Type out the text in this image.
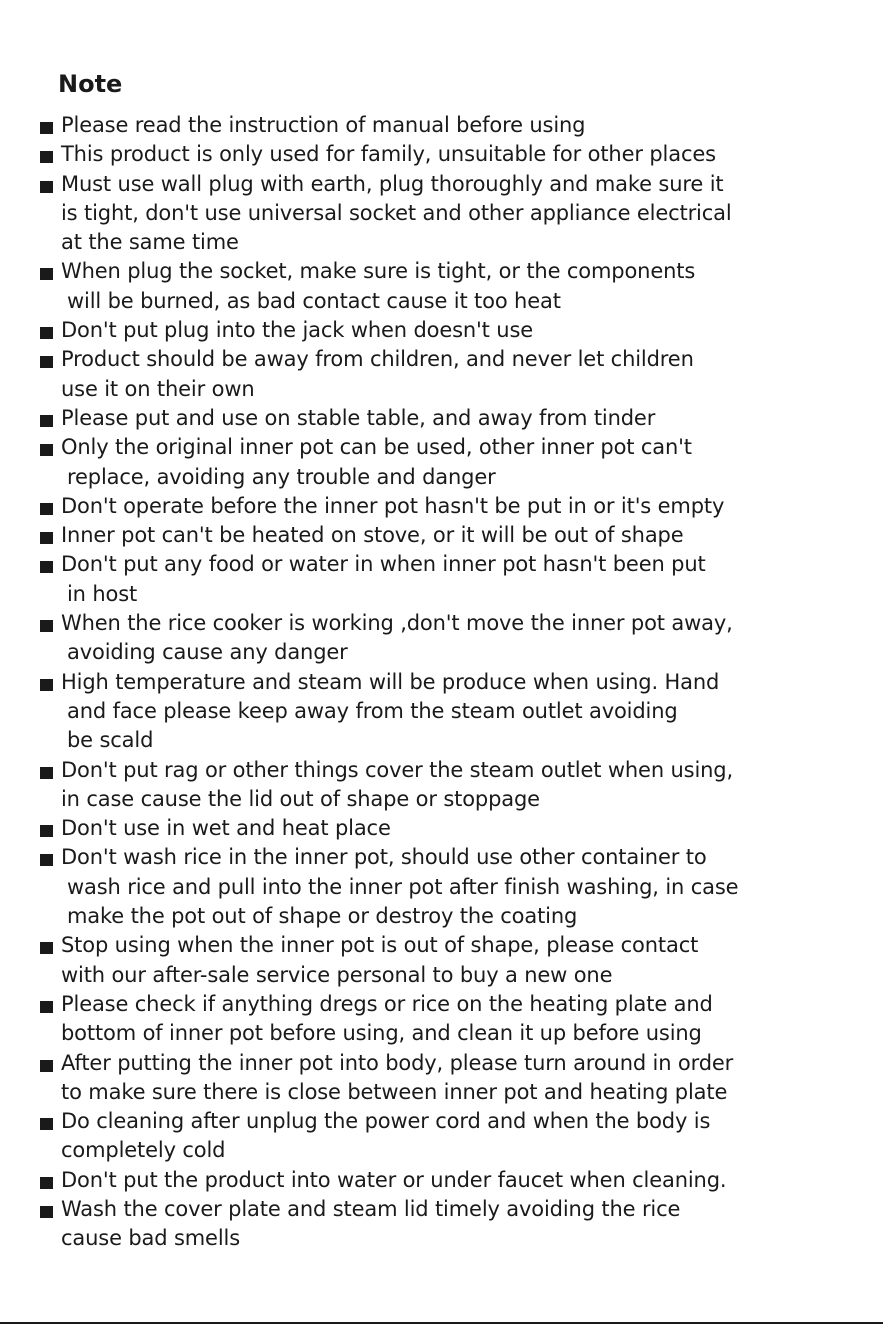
Note
Please read the instruction of manual before using
This product is only used for family, unsuitable for other places
Must use wall plug with earth, plug thoroughly and make sure it
is tight, don't use universal socket and other appliance electrical
at the same time
When plug the socket, make sure is tight, or the components
will be burned, as bad contact cause it too heat
Don't put plug into the jack when doesn't use
Product should be away from children, and never let children
use it on their own
Please put and use on stable table, and away from tinder
Only the original inner pot can be used, other inner pot can't
replace, avoiding any trouble and danger
Don't operate before the inner pot hasn't be put in or it's empty
Inner pot can't be heated on stove, or it will be out of shape
Don't put any food or water in when inner pot hasn't been put
in host
When the rice cooker is working ,don't move the inner pot away,
avoiding cause any danger
High temperature and steam will be produce when using. Hand
and face please keep away from the steam outlet avoiding
be scald
Don't put rag or other things cover the steam outlet when using,
in case cause the lid out of shape or stoppage
Don't use in wet and heat place
Don't wash rice in the inner pot, should use other container to
wash rice and pull into the inner pot after finish washing, in case
make the pot out of shape or destroy the coating
Stop using when the inner pot is out of shape, please contact
with our after-sale service personal to buy a new one
Please check if anything dregs or rice on the heating plate and
bottom of inner pot before using, and clean it up before using
After putting the inner pot into body, please turn around in order
to make sure there is close between inner pot and heating plate
Do cleaning after unplug the power cord and when the body is
completely cold
Don't put the product into water or under faucet when cleaning.
Wash the cover plate and steam lid timely avoiding the rice
cause bad smells
